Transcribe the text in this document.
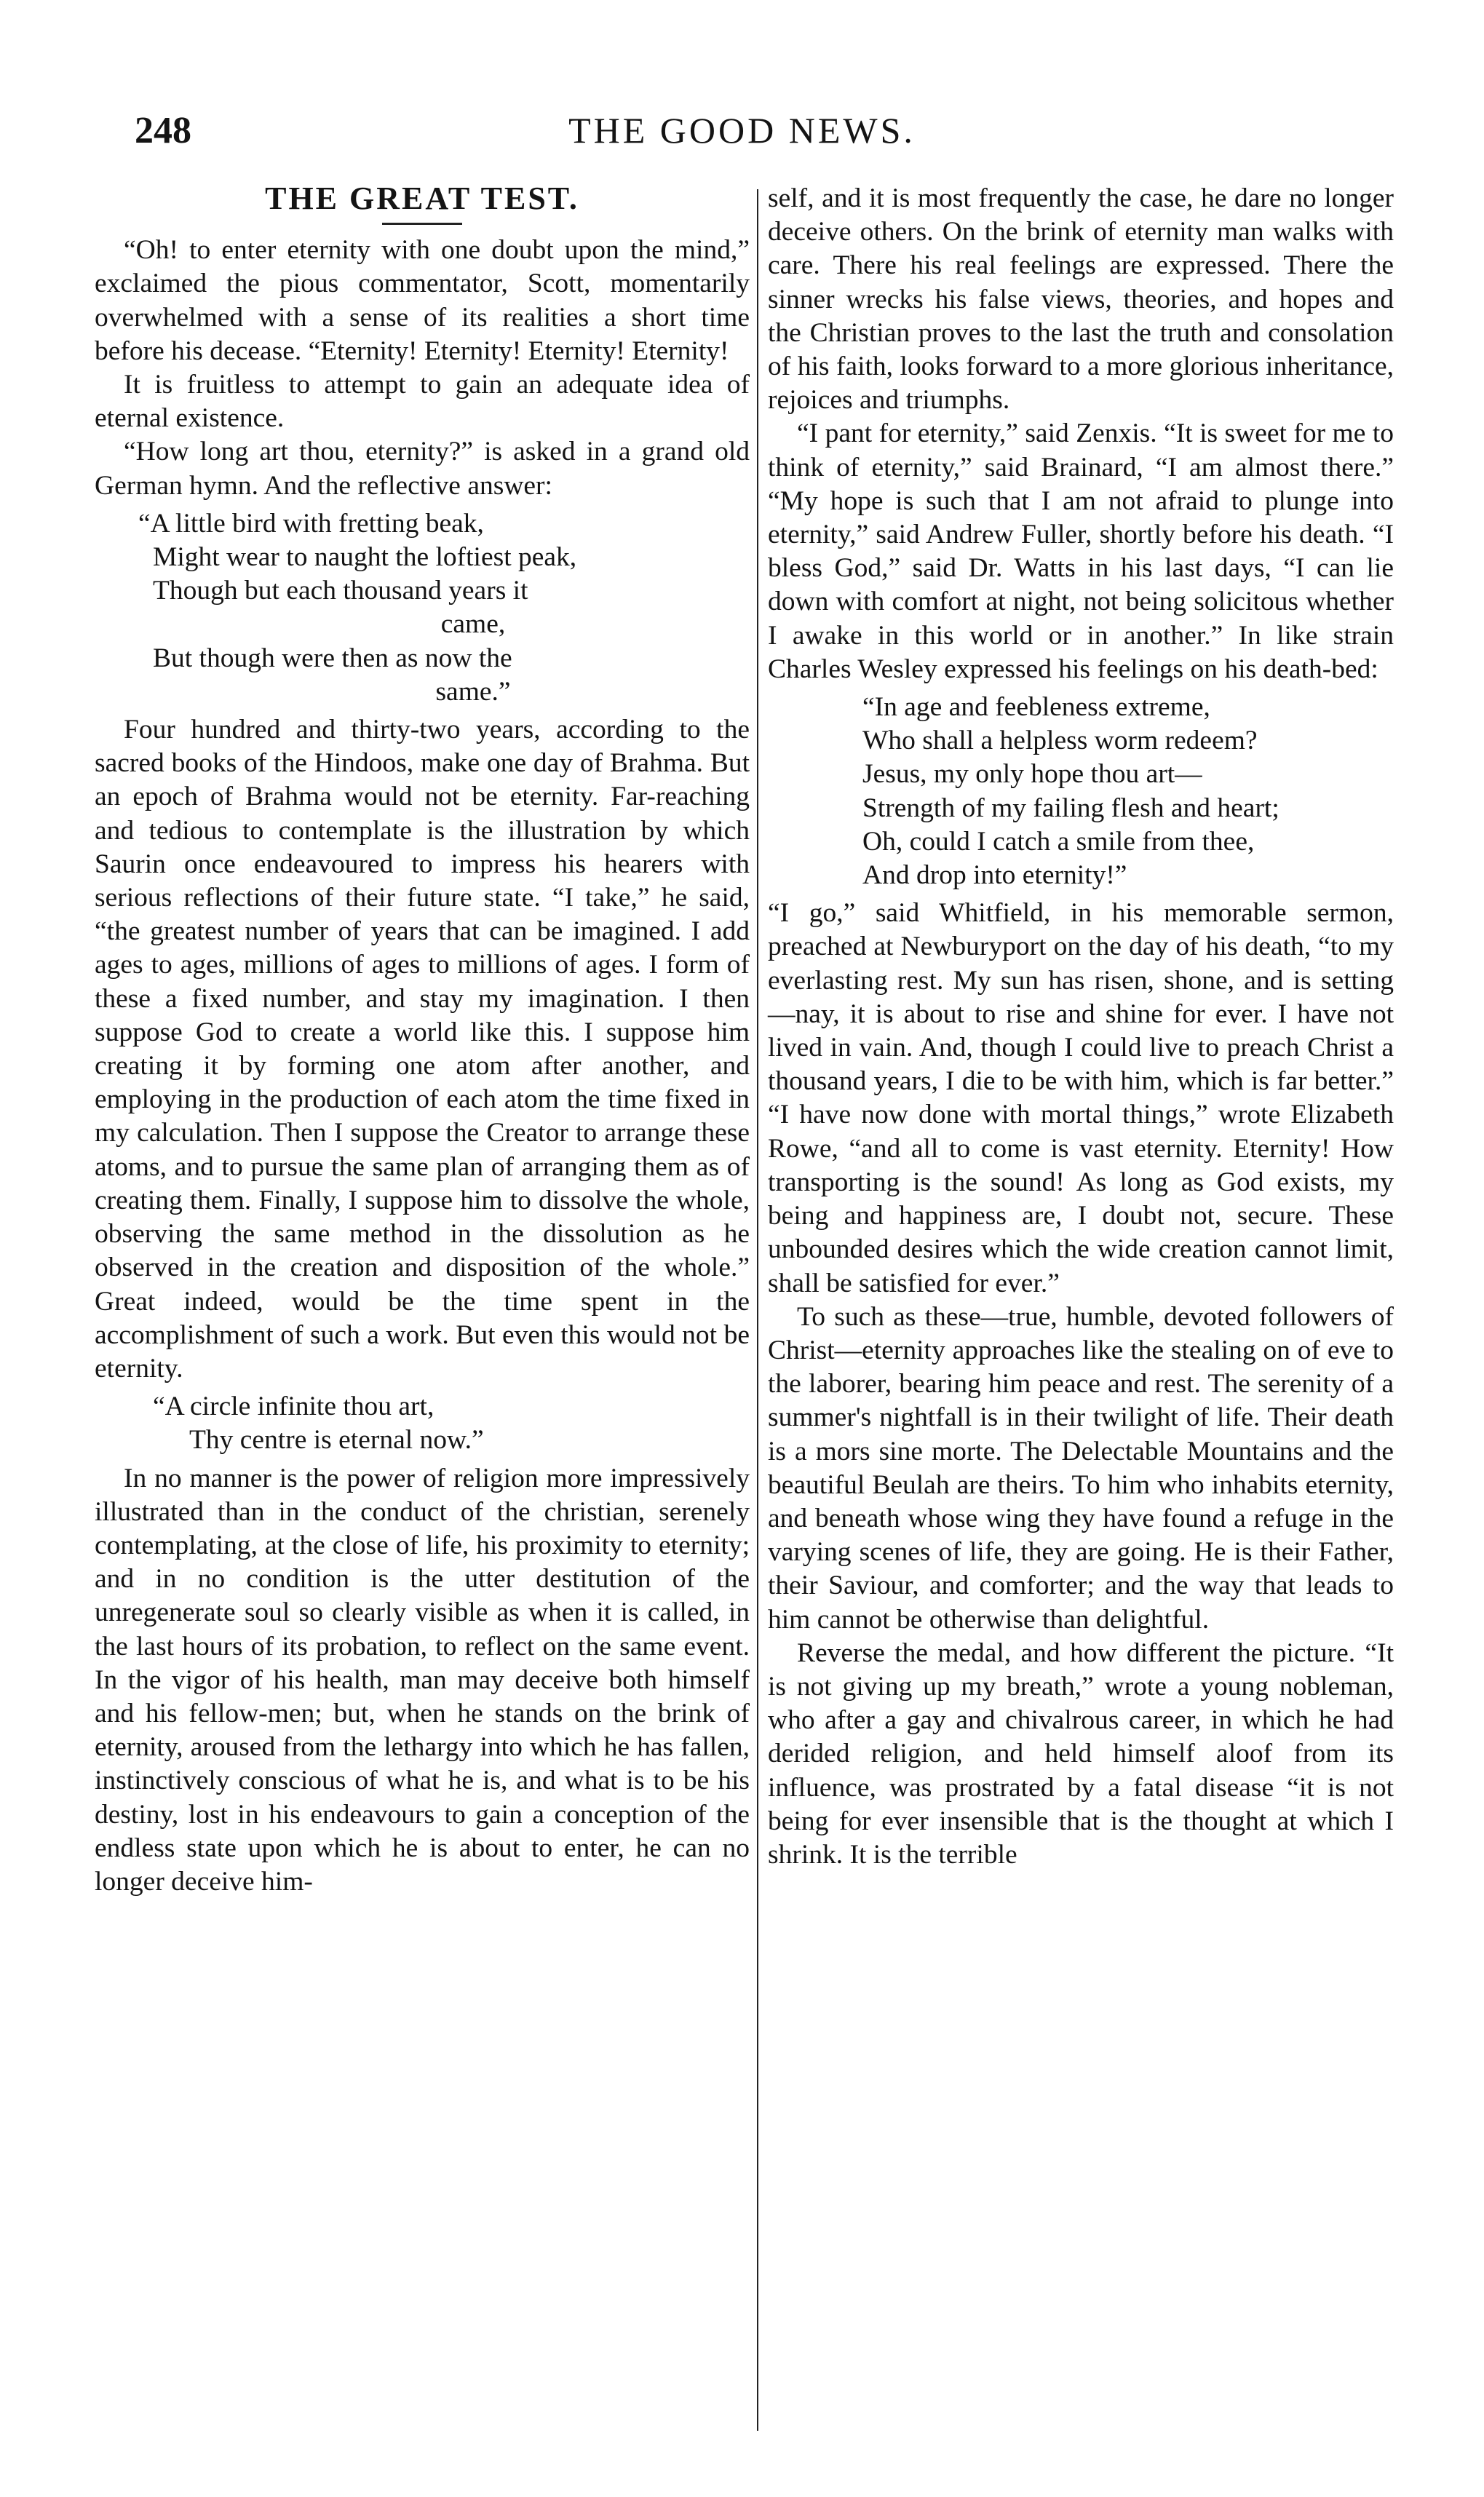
248	THE GOOD NEWS.
THE GREAT TEST.

“Oh! to enter eternity with one doubt upon the mind,” exclaimed the pious commentator, Scott, momentarily overwhelmed with a sense of its realities a short time before his decease. “Eternity! Eternity! Eternity! Eternity!

It is fruitless to attempt to gain an adequate idea of eternal existence.

“How long art thou, eternity?” is asked in a grand old German hymn. And the reflective answer:

“A little bird with fretting beak,
Might wear to naught the loftiest peak,
Though but each thousand years it
came,
But though were then as now the
same.”

Four hundred and thirty-two years, according to the sacred books of the Hindoos, make one day of Brahma. But an epoch of Brahma would not be eternity. Far-reaching and tedious to contemplate is the illustration by which Saurin once endeavoured to impress his hearers with serious reflections of their future state. “I take,” he said, “the greatest number of years that can be imagined. I add ages to ages, millions of ages to millions of ages. I form of these a fixed number, and stay my imagination. I then suppose God to create a world like this. I suppose him creating it by forming one atom after another, and employing in the production of each atom the time fixed in my calculation. Then I suppose the Creator to arrange these atoms, and to pursue the same plan of arranging them as of creating them. Finally, I suppose him to dissolve the whole, observing the same method in the dissolution as he observed in the creation and disposition of the whole.” Great indeed, would be the time spent in the accomplishment of such a work. But even this would not be eternity.

“A circle infinite thou art,
Thy centre is eternal now.”

In no manner is the power of religion more impressively illustrated than in the conduct of the christian, serenely contemplating, at the close of life, his proximity to eternity; and in no condition is the utter destitution of the unregenerate soul so clearly visible as when it is called, in the last hours of its probation, to reflect on the same event. In the vigor of his health, man may deceive both himself and his fellow-men; but, when he stands on the brink of eternity, aroused from the lethargy into which he has fallen, instinctively conscious of what he is, and what is to be his destiny, lost in his endeavours to gain a conception of the endless state upon which he is about to enter, he can no longer deceive him-

self, and it is most frequently the case, he dare no longer deceive others. On the brink of eternity man walks with care. There his real feelings are expressed. There the sinner wrecks his false views, theories, and hopes and the Christian proves to the last the truth and consolation of his faith, looks forward to a more glorious inheritance, rejoices and triumphs.

“I pant for eternity,” said Zenxis. “It is sweet for me to think of eternity,” said Brainard, “I am almost there.” “My hope is such that I am not afraid to plunge into eternity,” said Andrew Fuller, shortly before his death. “I bless God,” said Dr. Watts in his last days, “I can lie down with comfort at night, not being solicitous whether I awake in this world or in another.” In like strain Charles Wesley expressed his feelings on his death-bed:

“In age and feebleness extreme,
Who shall a helpless worm redeem?
Jesus, my only hope thou art—
Strength of my failing flesh and heart;
Oh, could I catch a smile from thee,
And drop into eternity!”

“I go,” said Whitfield, in his memorable sermon, preached at Newburyport on the day of his death, “to my everlasting rest. My sun has risen, shone, and is setting—nay, it is about to rise and shine for ever. I have not lived in vain. And, though I could live to preach Christ a thousand years, I die to be with him, which is far better.” “I have now done with mortal things,” wrote Elizabeth Rowe, “and all to come is vast eternity. Eternity! How transporting is the sound! As long as God exists, my being and happiness are, I doubt not, secure. These unbounded desires which the wide creation cannot limit, shall be satisfied for ever.”

To such as these—true, humble, devoted followers of Christ—eternity approaches like the stealing on of eve to the laborer, bearing him peace and rest. The serenity of a summer's nightfall is in their twilight of life. Their death is a mors sine morte. The Delectable Mountains and the beautiful Beulah are theirs. To him who inhabits eternity, and beneath whose wing they have found a refuge in the varying scenes of life, they are going. He is their Father, their Saviour, and comforter; and the way that leads to him cannot be otherwise than delightful.

Reverse the medal, and how different the picture. “It is not giving up my breath,” wrote a young nobleman, who after a gay and chivalrous career, in which he had derided religion, and held himself aloof from its influence, was prostrated by a fatal disease “it is not being for ever insensible that is the thought at which I shrink. It is the terrible
